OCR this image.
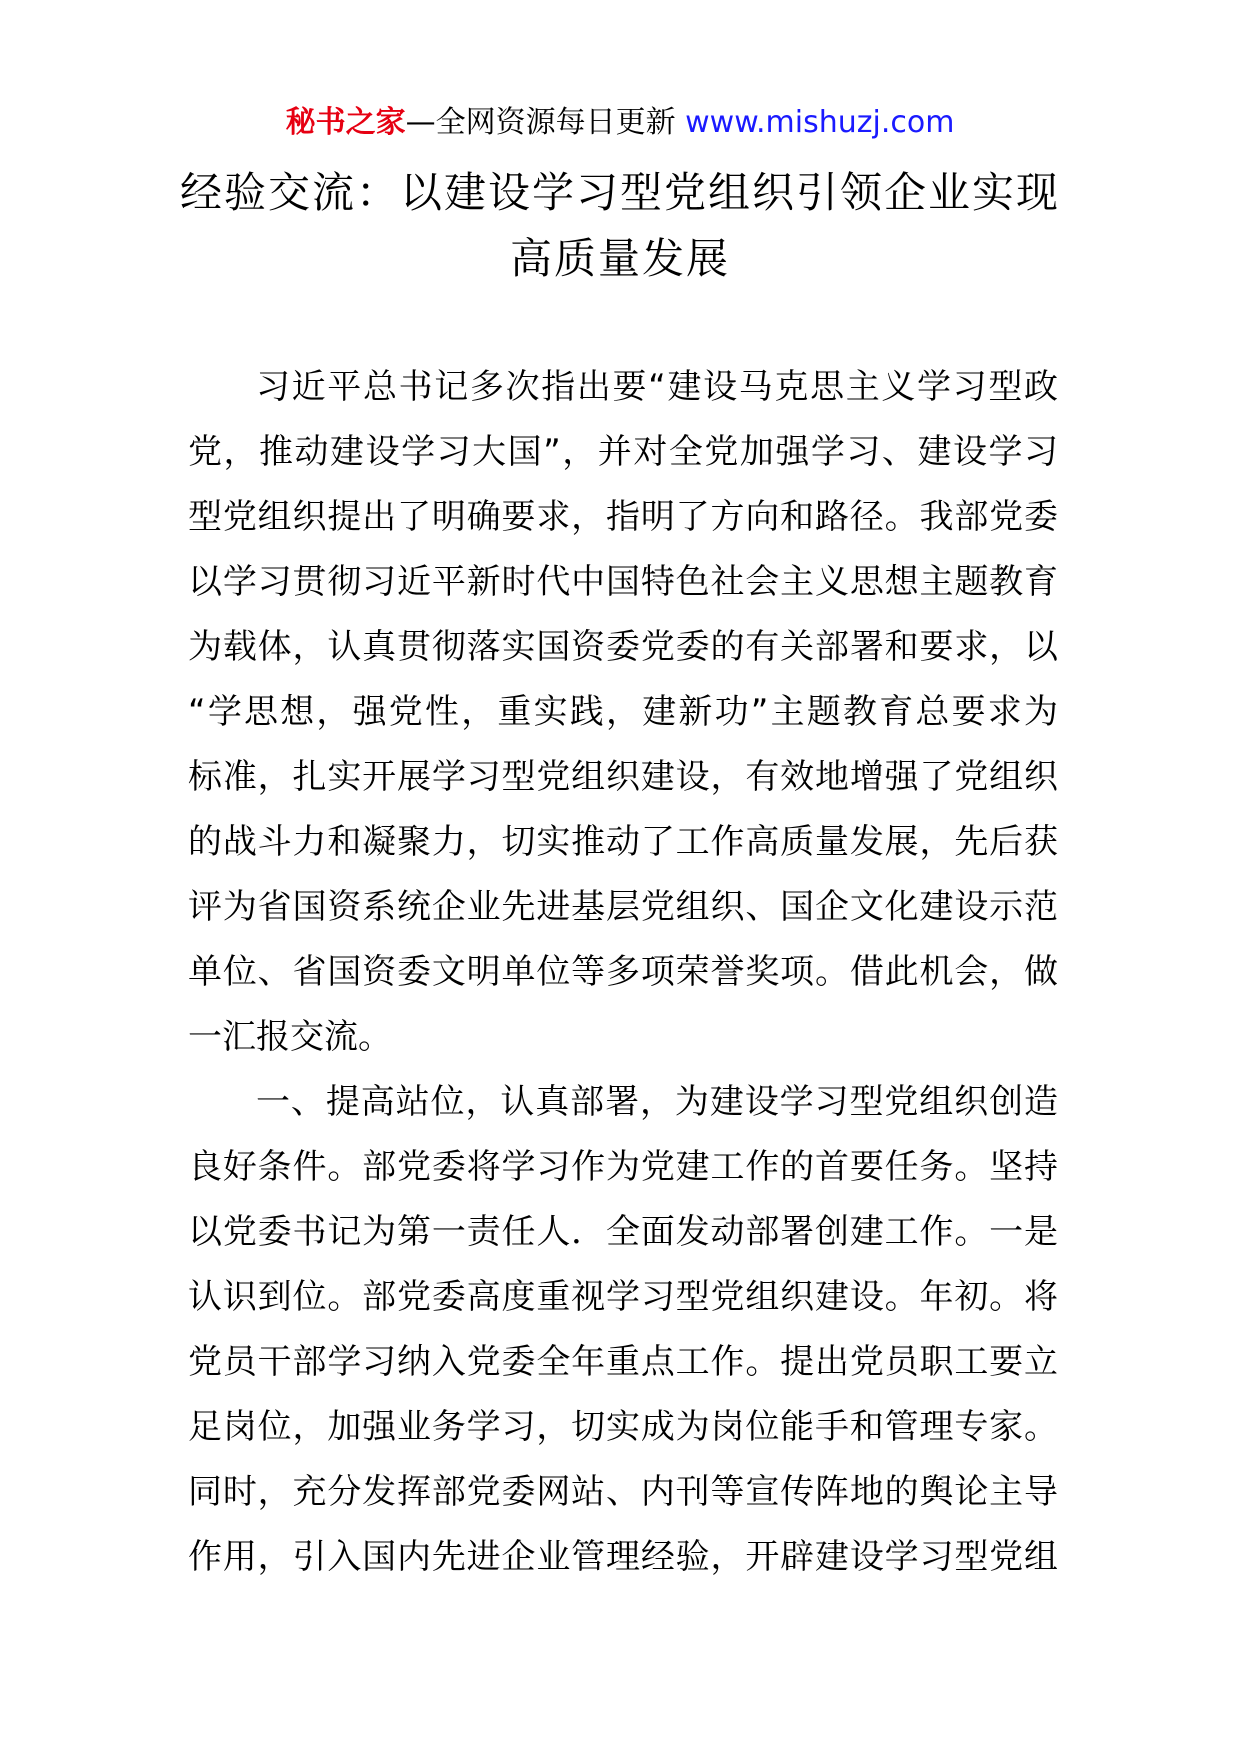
秘书之家—全网资源每日更新 www.mishuzj.com
经验交流：以建设学习型党组织引领企业实现
高质量发展
习近平总书记多次指出要“建设马克思主义学习型政
党，推动建设学习大国”，并对全党加强学习、建设学习
型党组织提出了明确要求，指明了方向和路径。我部党委
以学习贯彻习近平新时代中国特色社会主义思想主题教育
为载体，认真贯彻落实国资委党委的有关部署和要求，以
“学思想，强党性，重实践，建新功”主题教育总要求为
标准，扎实开展学习型党组织建设，有效地增强了党组织
的战斗力和凝聚力，切实推动了工作高质量发展，先后获
评为省国资系统企业先进基层党组织、国企文化建设示范
单位、省国资委文明单位等多项荣誉奖项。借此机会，做
一汇报交流。
一、提高站位，认真部署，为建设学习型党组织创造
良好条件。部党委将学习作为党建工作的首要任务。坚持
以党委书记为第一责任人．全面发动部署创建工作。一是
认识到位。部党委高度重视学习型党组织建设。年初。将
党员干部学习纳入党委全年重点工作。提出党员职工要立
足岗位，加强业务学习，切实成为岗位能手和管理专家。
同时，充分发挥部党委网站、内刊等宣传阵地的舆论主导
作用，引入国内先进企业管理经验，开辟建设学习型党组
